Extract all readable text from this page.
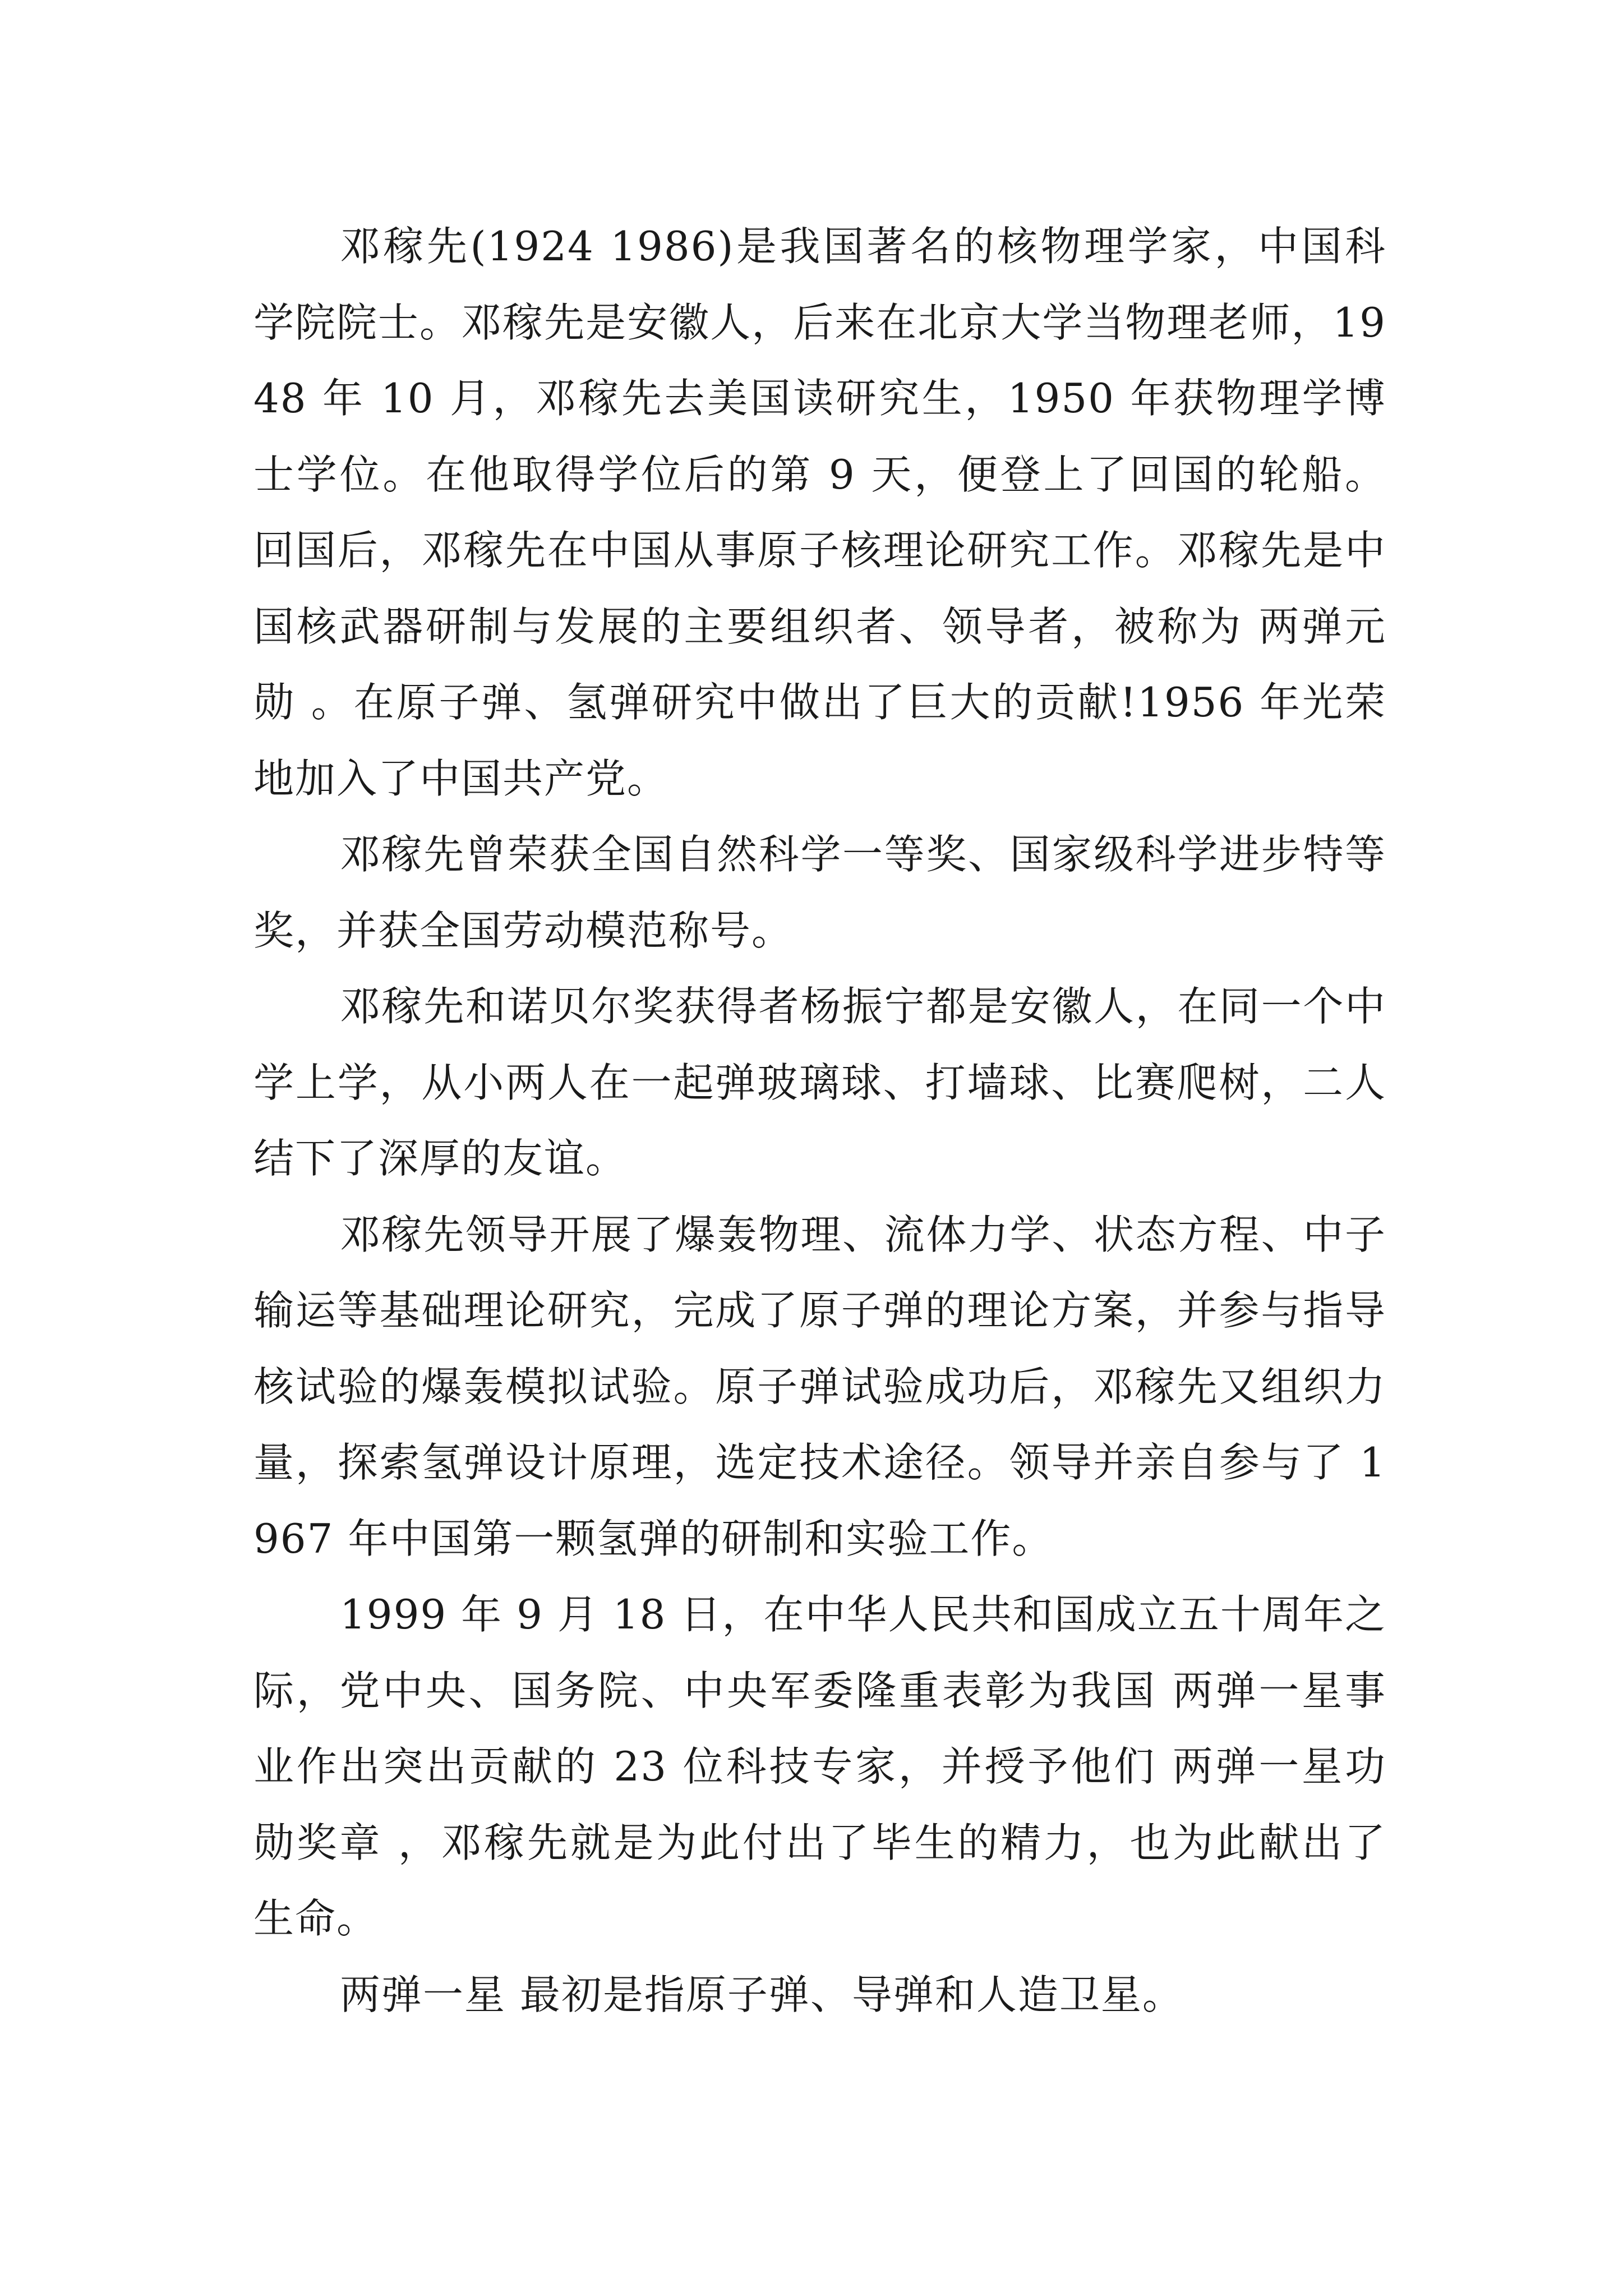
邓稼先(1924 1986)是我国著名的核物理学家，中国科学院院士。邓稼先是安徽人，后来在北京大学当物理老师，1948 年 10 月，邓稼先去美国读研究生，1950 年获物理学博士学位。在他取得学位后的第 9 天，便登上了回国的轮船。回国后，邓稼先在中国从事原子核理论研究工作。邓稼先是中国核武器研制与发展的主要组织者、领导者，被称为 两弹元勋 。在原子弹、氢弹研究中做出了巨大的贡献!1956 年光荣地加入了中国共产党。

邓稼先曾荣获全国自然科学一等奖、国家级科学进步特等奖，并获全国劳动模范称号。

邓稼先和诺贝尔奖获得者杨振宁都是安徽人，在同一个中学上学，从小两人在一起弹玻璃球、打墙球、比赛爬树，二人结下了深厚的友谊。

邓稼先领导开展了爆轰物理、流体力学、状态方程、中子输运等基础理论研究，完成了原子弹的理论方案，并参与指导核试验的爆轰模拟试验。原子弹试验成功后，邓稼先又组织力量，探索氢弹设计原理，选定技术途径。领导并亲自参与了 1967 年中国第一颗氢弹的研制和实验工作。

1999 年 9 月 18 日，在中华人民共和国成立五十周年之际，党中央、国务院、中央军委隆重表彰为我国 两弹一星事业作出突出贡献的 23 位科技专家，并授予他们 两弹一星功勋奖章 ，邓稼先就是为此付出了毕生的精力，也为此献出了生命。

两弹一星 最初是指原子弹、导弹和人造卫星。
